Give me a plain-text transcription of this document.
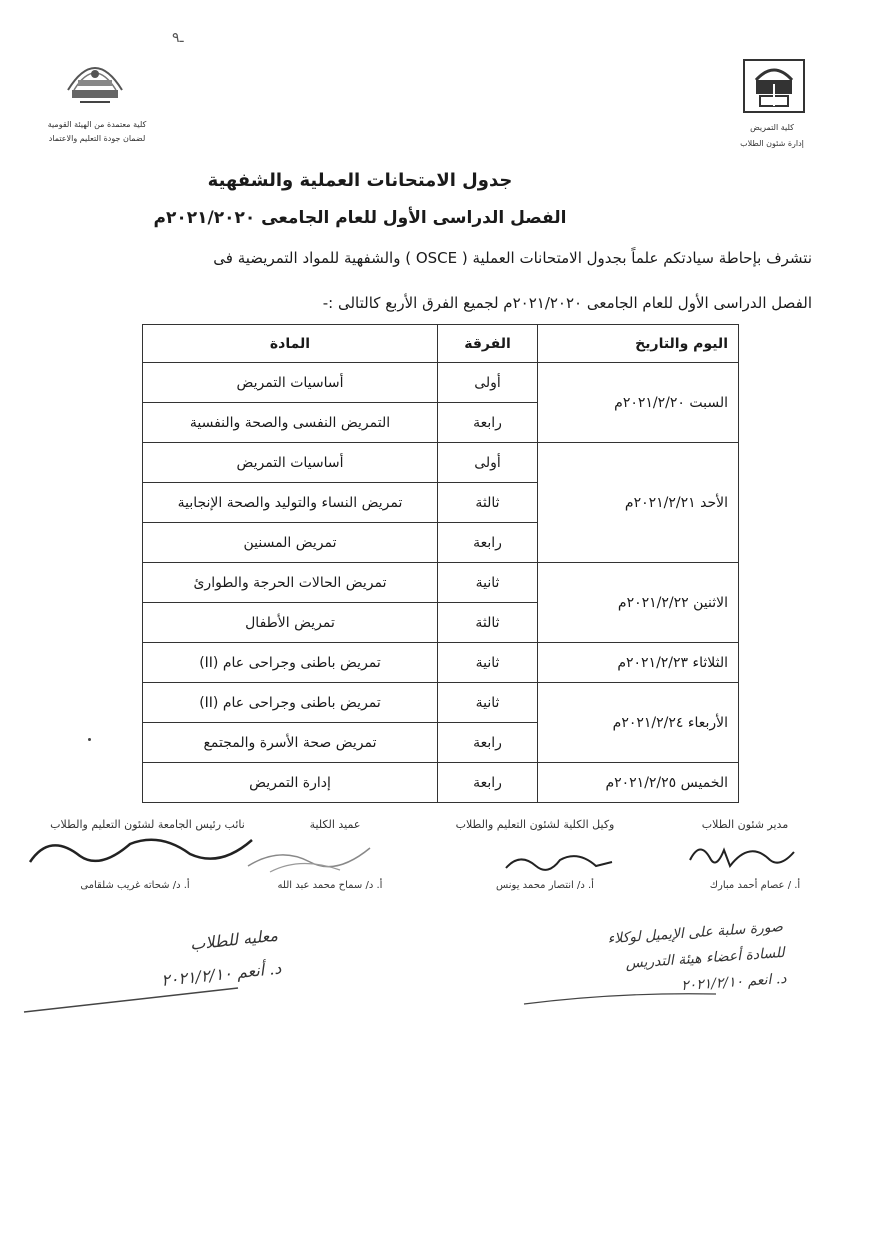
ـ٩
كلية معتمدة من الهيئة القومية
لضمان جودة التعليم والاعتماد
كلية التمريض
إدارة شئون الطلاب
جدول الامتحانات العملية والشفهية
الفصل الدراسى الأول للعام الجامعى ٢٠٢١/٢٠٢٠م
نتشرف بإحاطة سيادتكم علماً بجدول الامتحانات العملية ( OSCE ) والشفهية للمواد التمريضية فى
الفصل الدراسى الأول للعام الجامعى ٢٠٢١/٢٠٢٠م لجميع الفرق الأربع كالتالى :-
اليوم والتاريخ	الفرقة	المادة
السبت ٢٠٢١/٢/٢٠م	أولى	أساسيات التمريض
	رابعة	التمريض النفسى والصحة والنفسية
الأحد ٢٠٢١/٢/٢١م	أولى	أساسيات التمريض
	ثالثة	تمريض النساء والتوليد والصحة الإنجابية
	رابعة	تمريض المسنين
الاثنين ٢٠٢١/٢/٢٢م	ثانية	تمريض الحالات الحرجة والطوارئ
	ثالثة	تمريض الأطفال
الثلاثاء ٢٠٢١/٢/٢٣م	ثانية	تمريض باطنى وجراحى عام (II)
الأربعاء ٢٠٢١/٢/٢٤م	ثانية	تمريض باطنى وجراحى عام (II)
	رابعة	تمريض صحة الأسرة والمجتمع
الخميس ٢٠٢١/٢/٢٥م	رابعة	إدارة التمريض
مدير شئون الطلاب
وكيل الكلية لشئون التعليم والطلاب
عميد الكلية
نائب رئيس الجامعة لشئون التعليم والطلاب
أ. / عصام أحمد مبارك
أ. د/ انتصار محمد يونس
أ. د/ سماح محمد عبد الله
أ. د/ شحاته غريب شلقامى
معليه للطلاب
د. أنعم ٢٠٢١/٢/١٠
صورة سلبة على الإيميل لوكلاء
للسادة أعضاء هيئة التدريس
د. انعم ٢٠٢١/٢/١٠
